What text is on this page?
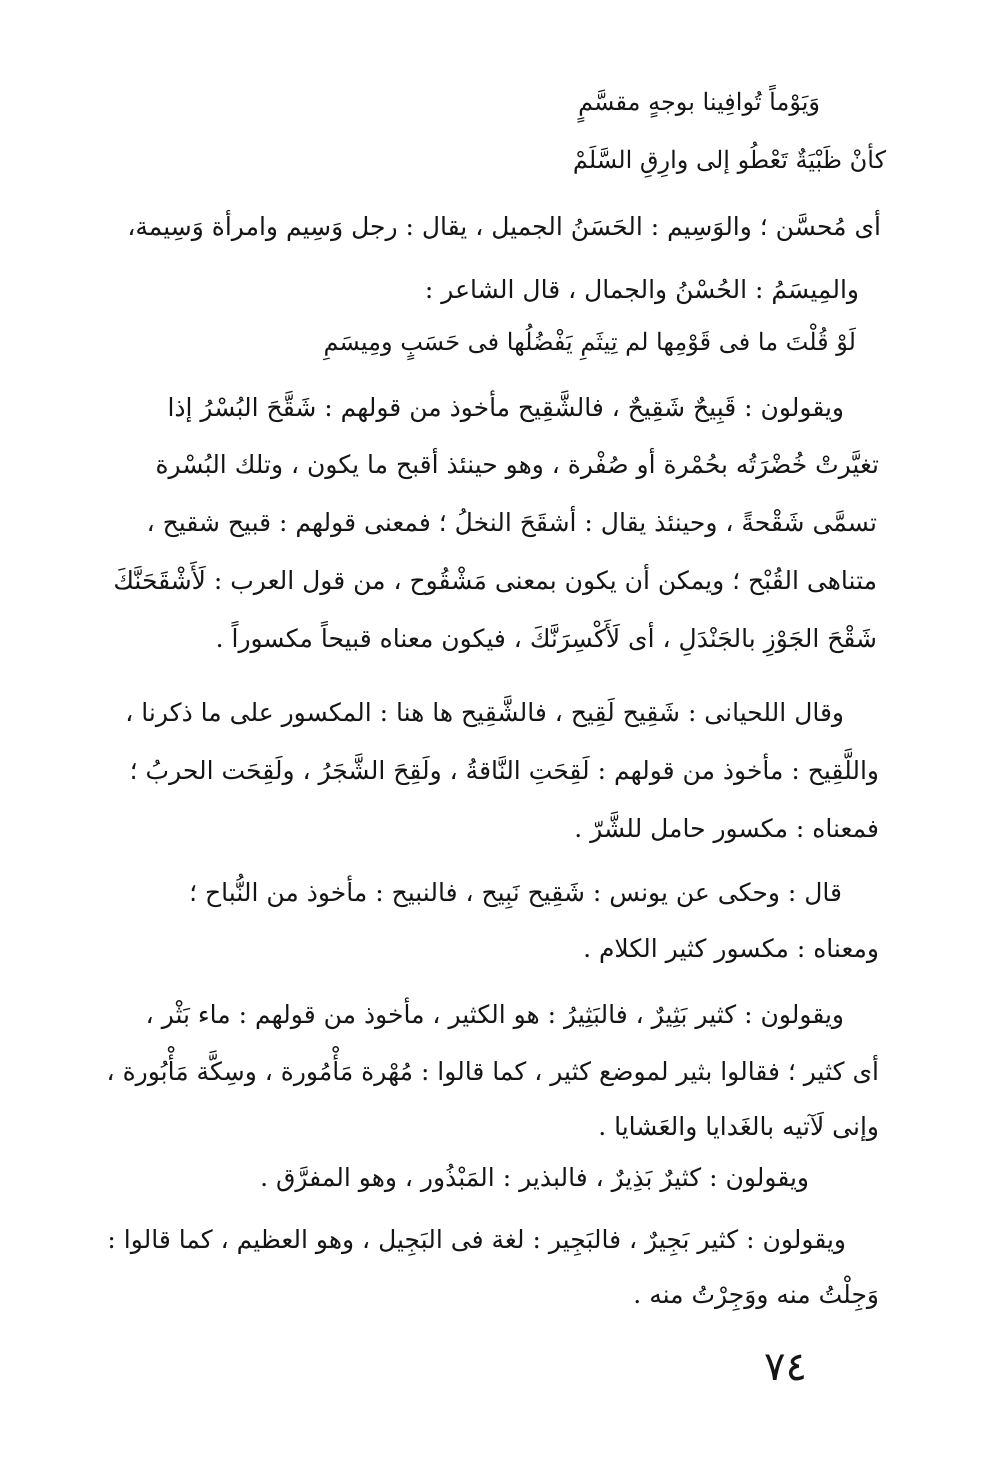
وَيَوْماً تُوافِينا بوجهٍ مقسَّمٍ
كأنْ ظَبْيَةٌ تَعْطُو إلى وارِقِ السَّلَمْ
أى مُحسَّن ؛ والوَسِيم : الحَسَنُ الجميل ، يقال : رجل وَسِيم وامرأة وَسِيمة،
والمِيسَمُ : الحُسْنُ والجمال ، قال الشاعر :
لَوْ قُلْتَ ما فى قَوْمِها لم تِيثَمِ يَفْضُلُها فى حَسَبٍ ومِيسَمِ
ويقولون : قَبِيحٌ شَقِيحٌ ، فالشَّقِيح مأخوذ من قولهم : شَقَّحَ البُسْرُ إذا
تغيَّرتْ خُضْرَتُه بحُمْرة أو صُفْرة ، وهو حينئذ أقبح ما يكون ، وتلك البُسْرة
تسمَّى شَقْحةً ، وحينئذ يقال : أشقَحَ النخلُ ؛ فمعنى قولهم : قبيح شقيح ،
متناهى القُبْح ؛ ويمكن أن يكون بمعنى مَشْقُوح ، من قول العرب : لَأَشْقَحَنَّكَ
شَقْحَ الجَوْزِ بالجَنْدَلِ ، أى لَأَكْسِرَنَّكَ ، فيكون معناه قبيحاً مكسوراً .
وقال اللحيانى : شَقِيح لَقِيح ، فالشَّقِيح ها هنا : المكسور على ما ذكرنا ،
واللَّقِيح : مأخوذ من قولهم : لَقِحَتِ النَّاقةُ ، ولَقِحَ الشَّجَرُ ، ولَقِحَت الحربُ ؛
فمعناه : مكسور حامل للشَّرّ .
قال : وحكى عن يونس : شَقِيح نَبِيح ، فالنبيح : مأخوذ من النُّباح ؛
ومعناه : مكسور كثير الكلام .
ويقولون : كثير بَثِيرٌ ، فالبَثِيرُ : هو الكثير ، مأخوذ من قولهم : ماء بَثْر ،
أى كثير ؛ فقالوا بثير لموضع كثير ، كما قالوا : مُهْرة مَأْمُورة ، وسِكَّة مَأْبُورة ،
وإنى لَآتيه بالغَدايا والعَشايا .
ويقولون : كثيرٌ بَذِيرٌ ، فالبذير : المَبْذُور ، وهو المفرَّق .
ويقولون : كثير بَجِيرٌ ، فالبَجِير : لغة فى البَجِيل ، وهو العظيم ، كما قالوا :
وَجِلْتُ منه ووَجِرْتُ منه .
٧٤
